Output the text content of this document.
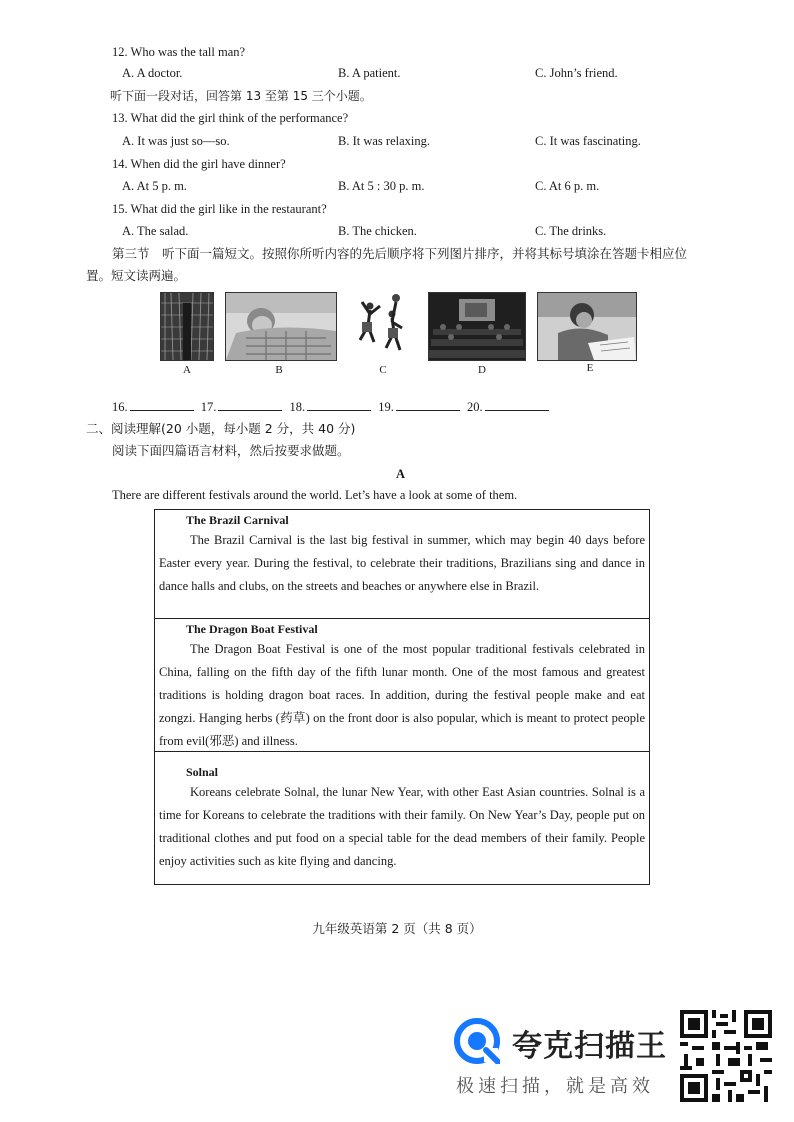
12. Who was the tall man?
A. A doctor.	B. A patient.	C. John’s friend.
听下面一段对话，回答第 13 至第 15 三个小题。
13. What did the girl think of the performance?
A. It was just so—so.	B. It was relaxing.	C. It was fascinating.
14. When did the girl have dinner?
A. At 5 p. m.	B. At 5 : 30 p. m.	C. At 6 p. m.
15. What did the girl like in the restaurant?
A. The salad.	B. The chicken.	C. The drinks.
第三节　听下面一篇短文。按照你所听内容的先后顺序将下列图片排序，并将其标号填涂在答题卡相应位
置。短文读两遍。
A	B	C	D	E
16.	17.	18.	19.	20.
二、阅读理解(20 小题，每小题 2 分，共 40 分)
阅读下面四篇语言材料，然后按要求做题。
A
There are different festivals around the world. Let’s have a look at some of them.
The Brazil Carnival
The Brazil Carnival is the last big festival in summer, which may begin 40 days before Easter every year. During the festival, to celebrate their traditions, Brazilians sing and dance in dance halls and clubs, on the streets and beaches or anywhere else in Brazil.
The Dragon Boat Festival
The Dragon Boat Festival is one of the most popular traditional festivals celebrated in China, falling on the fifth day of the fifth lunar month. One of the most famous and greatest traditions is holding dragon boat races. In addition, during the festival people make and eat zongzi. Hanging herbs (药草) on the front door is also popular, which is meant to protect people from evil(邪恶) and illness.
Solnal
Koreans celebrate Solnal, the lunar New Year, with other East Asian countries. Solnal is a time for Koreans to celebrate the traditions with their family. On New Year’s Day, people put on traditional clothes and put food on a special table for the dead members of their family. People enjoy activities such as kite flying and dancing.
九年级英语第 2 页（共 8 页）
夸克扫描王
极速扫描，就是高效
